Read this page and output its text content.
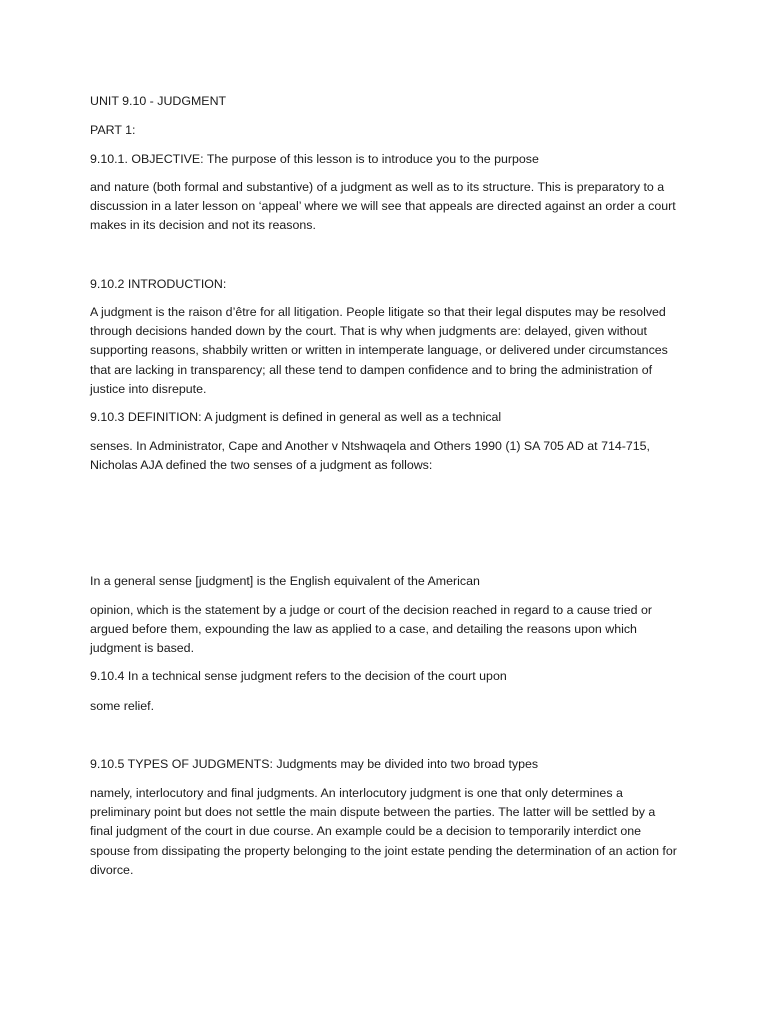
UNIT 9.10 - JUDGMENT

PART 1:

9.10.1. OBJECTIVE: The purpose of this lesson is to introduce you to the purpose

and nature (both formal and substantive) of a judgment as well as to its structure. This is preparatory to a discussion in a later lesson on ‘appeal’ where we will see that appeals are directed against an order a court makes in its decision and not its reasons.

9.10.2 INTRODUCTION:

A judgment is the raison d’être for all litigation. People litigate so that their legal disputes may be resolved through decisions handed down by the court. That is why when judgments are: delayed, given without supporting reasons, shabbily written or written in intemperate language, or delivered under circumstances that are lacking in transparency; all these tend to dampen confidence and to bring the administration of justice into disrepute.

9.10.3 DEFINITION: A judgment is defined in general as well as a technical

senses. In Administrator, Cape and Another v Ntshwaqela and Others 1990 (1) SA 705 AD at 714-715, Nicholas AJA defined the two senses of a judgment as follows:

In a general sense [judgment] is the English equivalent of the American

opinion, which is the statement by a judge or court of the decision reached in regard to a cause tried or argued before them, expounding the law as applied to a case, and detailing the reasons upon which judgment is based.

9.10.4 In a technical sense judgment refers to the decision of the court upon

some relief.

9.10.5 TYPES OF JUDGMENTS: Judgments may be divided into two broad types

namely, interlocutory and final judgments. An interlocutory judgment is one that only determines a preliminary point but does not settle the main dispute between the parties. The latter will be settled by a final judgment of the court in due course. An example could be a decision to temporarily interdict one spouse from dissipating the property belonging to the joint estate pending the determination of an action for divorce.
